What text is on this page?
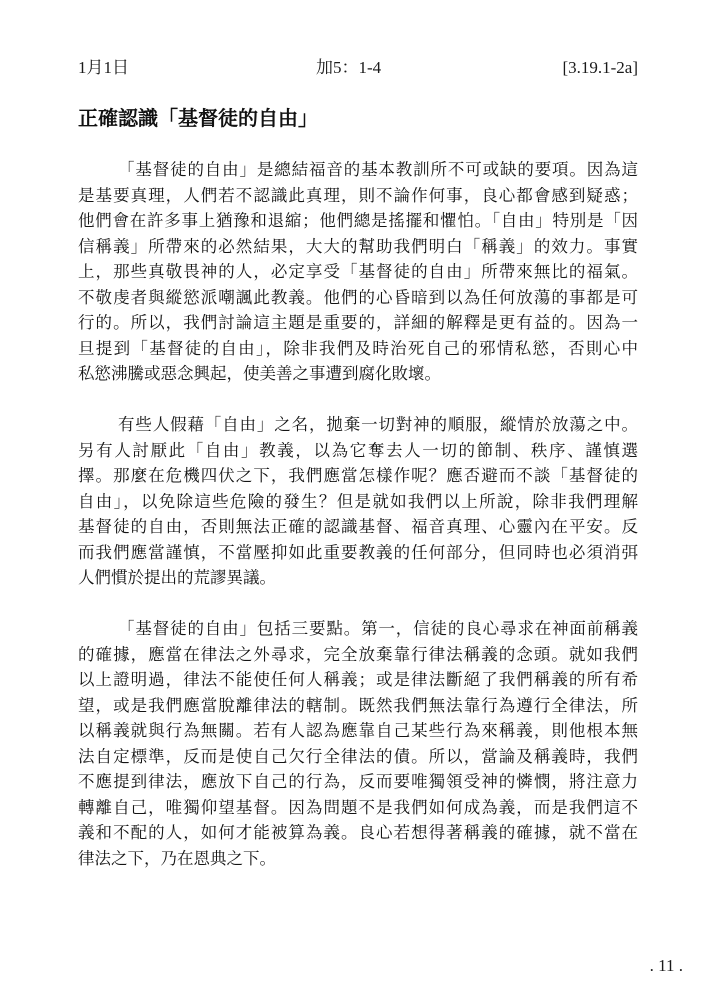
1月1日	加5：1-4	[3.19.1-2a]
正確認識「基督徒的自由」
「基督徒的自由」是總結福音的基本教訓所不可或缺的要項。因為這
是基要真理，人們若不認識此真理，則不論作何事，良心都會感到疑惑；
他們會在許多事上猶豫和退縮；他們總是搖擺和懼怕。「自由」特別是「因
信稱義」所帶來的必然結果，大大的幫助我們明白「稱義」的效力。事實
上，那些真敬畏神的人，必定享受「基督徒的自由」所帶來無比的福氣。
不敬虔者與縱慾派嘲諷此教義。他們的心昏暗到以為任何放蕩的事都是可
行的。所以，我們討論這主題是重要的，詳細的解釋是更有益的。因為一
旦提到「基督徒的自由」，除非我們及時治死自己的邪情私慾，否則心中
私慾沸騰或惡念興起，使美善之事遭到腐化敗壞。
有些人假藉「自由」之名，拋棄一切對神的順服，縱情於放蕩之中。
另有人討厭此「自由」教義，以為它奪去人一切的節制、秩序、謹慎選
擇。那麼在危機四伏之下，我們應當怎樣作呢？應否避而不談「基督徒的
自由」，以免除這些危險的發生？但是就如我們以上所說，除非我們理解
基督徒的自由，否則無法正確的認識基督、福音真理、心靈內在平安。反
而我們應當謹慎，不當壓抑如此重要教義的任何部分，但同時也必須消弭
人們慣於提出的荒謬異議。
「基督徒的自由」包括三要點。第一，信徒的良心尋求在神面前稱義
的確據，應當在律法之外尋求，完全放棄靠行律法稱義的念頭。就如我們
以上證明過，律法不能使任何人稱義；或是律法斷絕了我們稱義的所有希
望，或是我們應當脫離律法的轄制。既然我們無法靠行為遵行全律法，所
以稱義就與行為無關。若有人認為應靠自己某些行為來稱義，則他根本無
法自定標準，反而是使自己欠行全律法的債。所以，當論及稱義時，我們
不應提到律法，應放下自己的行為，反而要唯獨領受神的憐憫，將注意力
轉離自己，唯獨仰望基督。因為問題不是我們如何成為義，而是我們這不
義和不配的人，如何才能被算為義。良心若想得著稱義的確據，就不當在
律法之下，乃在恩典之下。
. 11 .
